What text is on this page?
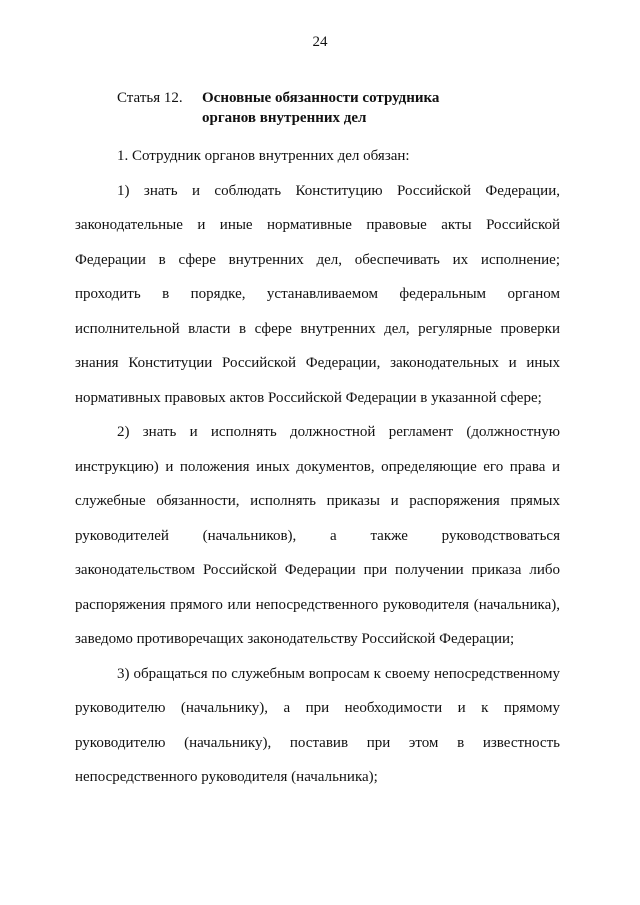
24
Статья 12. Основные обязанности сотрудника
органов внутренних дел

1. Сотрудник органов внутренних дел обязан:

1) знать и соблюдать Конституцию Российской Федерации, законодательные и иные нормативные правовые акты Российской Федерации в сфере внутренних дел, обеспечивать их исполнение; проходить в порядке, устанавливаемом федеральным органом исполнительной власти в сфере внутренних дел, регулярные проверки знания Конституции Российской Федерации, законодательных и иных нормативных правовых актов Российской Федерации в указанной сфере;

2) знать и исполнять должностной регламент (должностную инструкцию) и положения иных документов, определяющие его права и служебные обязанности, исполнять приказы и распоряжения прямых руководителей (начальников), а также руководствоваться законодательством Российской Федерации при получении приказа либо распоряжения прямого или непосредственного руководителя (начальника), заведомо противоречащих законодательству Российской Федерации;

3) обращаться по служебным вопросам к своему непосредственному руководителю (начальнику), а при необходимости и к прямому руководителю (начальнику), поставив при этом в известность непосредственного руководителя (начальника);
